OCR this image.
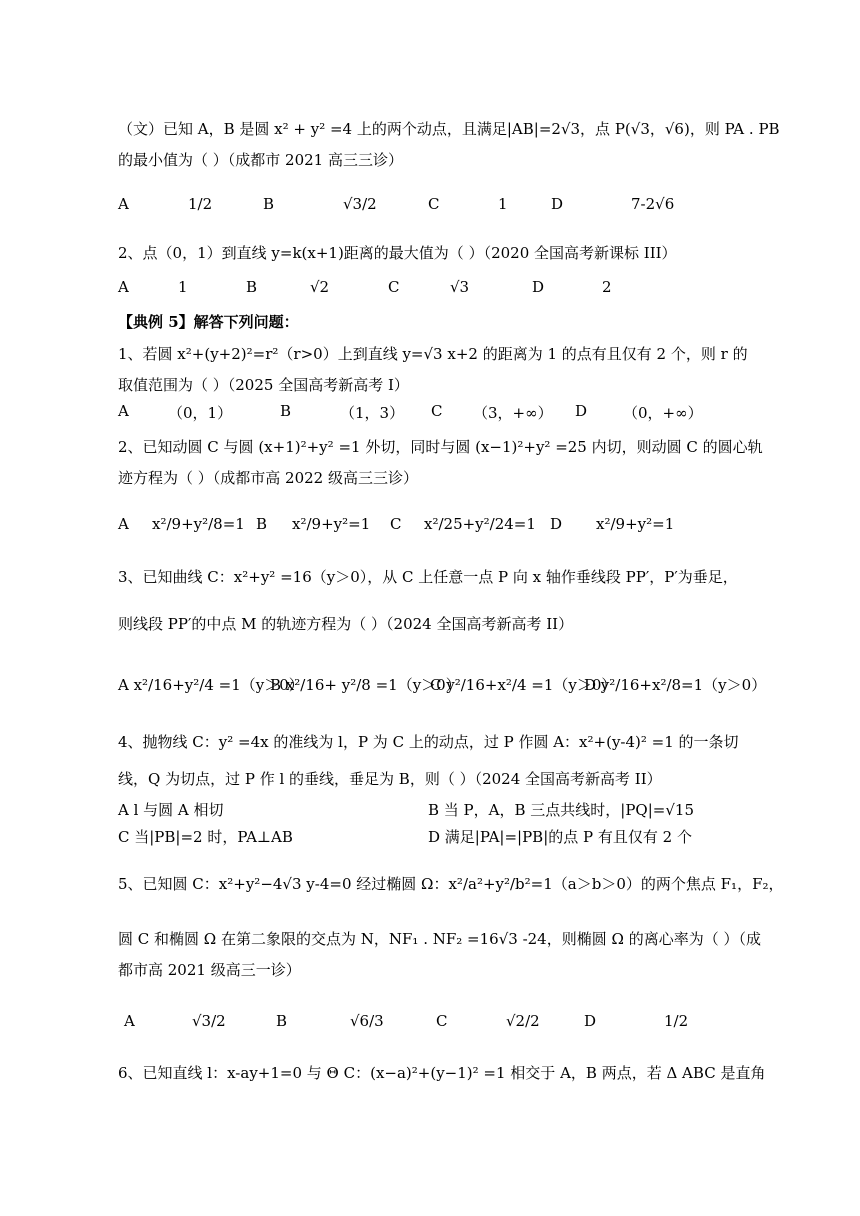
（文）已知 A，B 是圆 x² + y² =4 上的两个动点，且满足|AB|=2√3，点 P(√3，√6)，则 PA . PB
的最小值为（ ）（成都市 2021 高三三诊）
A	1/2	B	√3/2	C	1	D	7-2√6
2、点（0，1）到直线 y=k(x+1)距离的最大值为（ ）（2020 全国高考新课标 III）
A	1	B	√2	C	√3	D	2
【典例 5】解答下列问题：
1、若圆 x²+(y+2)²=r²（r>0）上到直线 y=√3 x+2 的距离为 1 的点有且仅有 2 个，则 r 的
取值范围为（ ）（2025 全国高考新高考 I）
A	（0，1）	B	（1，3） C （3，+∞） D （0，+∞）
2、已知动圆 C 与圆 (x+1)²+y² =1 外切，同时与圆 (x−1)²+y² =25 内切，则动圆 C 的圆心轨
迹方程为（ ）（成都市高 2022 级高三三诊）
A x²/9+y²/8=1 B x²/9+y²=1 C x²/25+y²/24=1 D x²/9+y²=1
3、已知曲线 C：x²+y² =16（y＞0），从 C 上任意一点 P 向 x 轴作垂线段 PP′，P′为垂足，
则线段 PP′的中点 M 的轨迹方程为（ ）（2024 全国高考新高考 II）
A x²/16+y²/4 =1（y＞0）
B x²/16+ y²/8 =1（y＞0）
C y²/16+x²/4 =1（y＞0）
D y²/16+x²/8=1（y＞0）
4、抛物线 C：y² =4x 的准线为 l，P 为 C 上的动点，过 P 作圆 A：x²+(y-4)² =1 的一条切
线，Q 为切点，过 P 作 l 的垂线，垂足为 B，则（ ）（2024 全国高考新高考 II）
A l 与圆 A 相切	B 当 P，A，B 三点共线时，|PQ|=√15
C 当|PB|=2 时，PA⊥AB	D 满足|PA|=|PB|的点 P 有且仅有 2 个
5、已知圆 C：x²+y²−4√3 y-4=0 经过椭圆 Ω：x²/a²+y²/b²=1（a＞b＞0）的两个焦点 F₁，F₂，
圆 C 和椭圆 Ω 在第二象限的交点为 N，NF₁ . NF₂ =16√3 -24，则椭圆 Ω 的离心率为（ ）（成
都市高 2021 级高三一诊）
A	√3/2	B	√6/3	C	√2/2	D	1/2
6、已知直线 l：x-ay+1=0 与 Θ C：(x−a)²+(y−1)² =1 相交于 A，B 两点，若 Δ ABC 是直角
